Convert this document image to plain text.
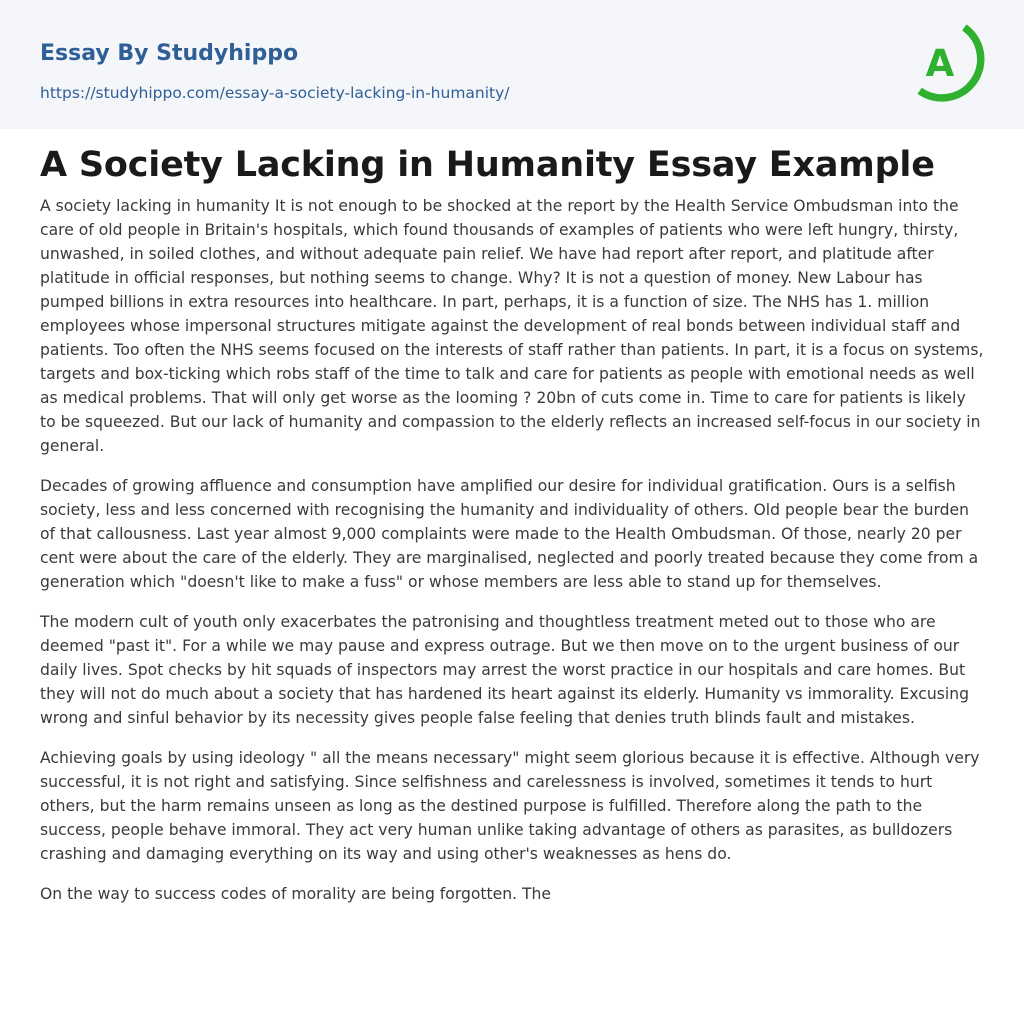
Essay By Studyhippo
https://studyhippo.com/essay-a-society-lacking-in-humanity/
A
A Society Lacking in Humanity Essay Example

A society lacking in humanity It is not enough to be shocked at the report by the Health Service Ombudsman into the care of old people in Britain's hospitals, which found thousands of examples of patients who were left hungry, thirsty, unwashed, in soiled clothes, and without adequate pain relief. We have had report after report, and platitude after platitude in official responses, but nothing seems to change. Why? It is not a question of money. New Labour has pumped billions in extra resources into healthcare. In part, perhaps, it is a function of size. The NHS has 1. million employees whose impersonal structures mitigate against the development of real bonds between individual staff and patients. Too often the NHS seems focused on the interests of staff rather than patients. In part, it is a focus on systems, targets and box-ticking which robs staff of the time to talk and care for patients as people with emotional needs as well as medical problems. That will only get worse as the looming ? 20bn of cuts come in. Time to care for patients is likely to be squeezed. But our lack of humanity and compassion to the elderly reflects an increased self-focus in our society in general.

Decades of growing affluence and consumption have amplified our desire for individual gratification. Ours is a selfish society, less and less concerned with recognising the humanity and individuality of others. Old people bear the burden of that callousness. Last year almost 9,000 complaints were made to the Health Ombudsman. Of those, nearly 20 per cent were about the care of the elderly. They are marginalised, neglected and poorly treated because they come from a generation which "doesn't like to make a fuss" or whose members are less able to stand up for themselves.

The modern cult of youth only exacerbates the patronising and thoughtless treatment meted out to those who are deemed "past it". For a while we may pause and express outrage. But we then move on to the urgent business of our daily lives. Spot checks by hit squads of inspectors may arrest the worst practice in our hospitals and care homes. But they will not do much about a society that has hardened its heart against its elderly. Humanity vs immorality. Excusing wrong and sinful behavior by its necessity gives people false feeling that denies truth blinds fault and mistakes.

Achieving goals by using ideology " all the means necessary" might seem glorious because it is effective. Although very successful, it is not right and satisfying. Since selfishness and carelessness is involved, sometimes it tends to hurt others, but the harm remains unseen as long as the destined purpose is fulfilled. Therefore along the path to the success, people behave immoral. They act very human unlike taking advantage of others as parasites, as bulldozers crashing and damaging everything on its way and using other's weaknesses as hens do.

On the way to success codes of morality are being forgotten. The
